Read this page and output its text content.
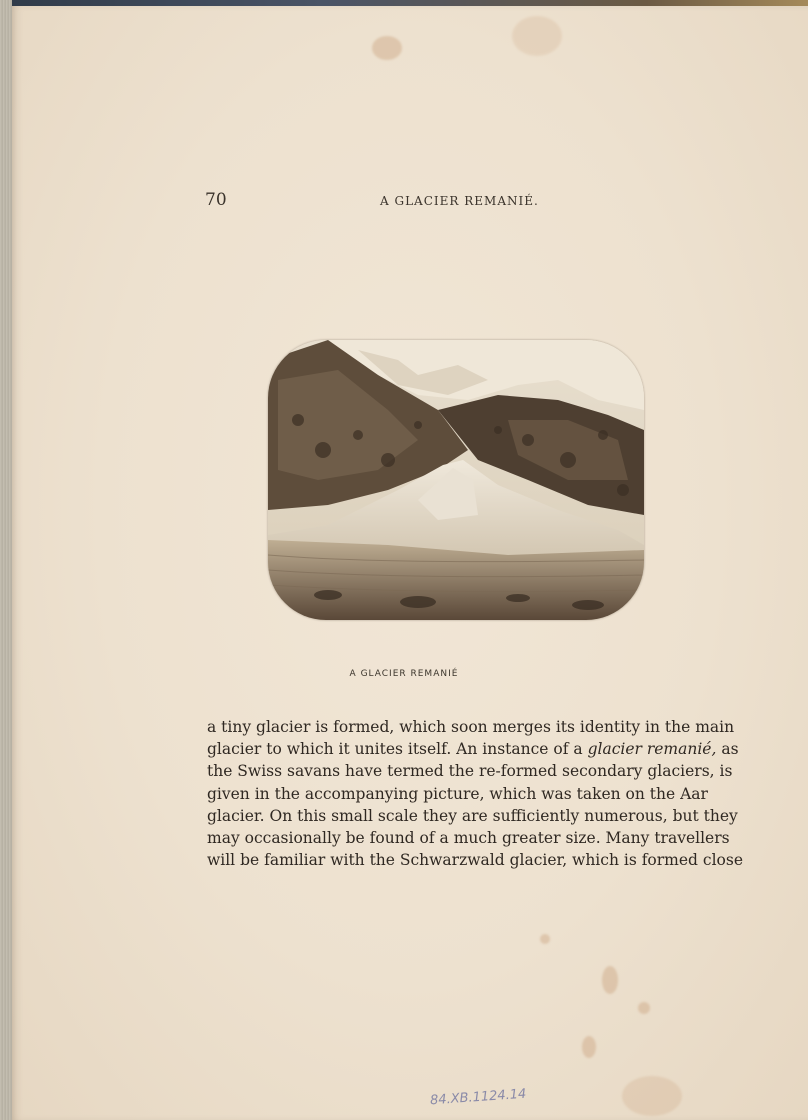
70	A GLACIER REMANIÉ.
A GLACIER REMANIÉ
a tiny glacier is formed, which soon merges its identity in the main
glacier to which it unites itself. An instance of a glacier remanié, as
the Swiss savans have termed the re-formed secondary glaciers, is
given in the accompanying picture, which was taken on the Aar
glacier. On this small scale they are sufficiently numerous, but they
may occasionally be found of a much greater size. Many travellers
will be familiar with the Schwarzwald glacier, which is formed close
84.XB.1124.14
